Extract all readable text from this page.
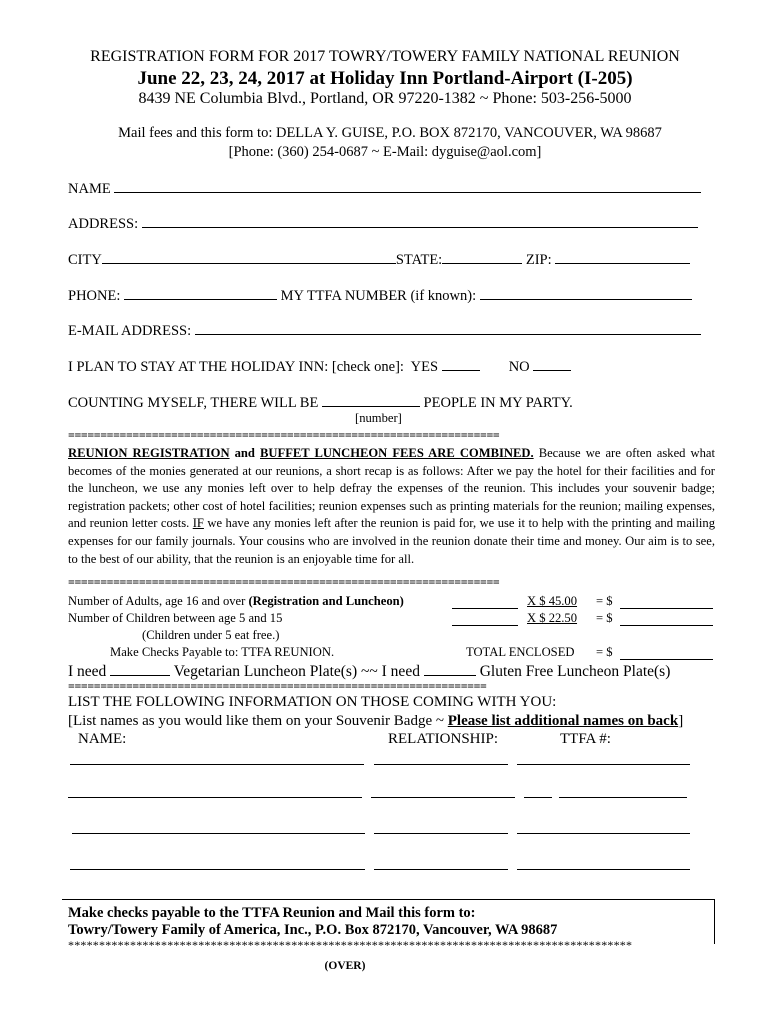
REGISTRATION FORM FOR 2017 TOWRY/TOWERY FAMILY NATIONAL REUNION
June 22, 23, 24, 2017 at Holiday Inn Portland-Airport (I-205)
8439 NE Columbia Blvd., Portland, OR 97220-1382 ~ Phone: 503-256-5000
Mail fees and this form to: DELLA Y. GUISE, P.O. BOX 872170, VANCOUVER, WA 98687
[Phone: (360) 254-0687 ~ E-Mail: dyguise@aol.com]
NAME
ADDRESS:
CITY	STATE:	ZIP:
PHONE:	MY TTFA NUMBER (if known):
E-MAIL ADDRESS:
I PLAN TO STAY AT THE HOLIDAY INN: [check one]: YES	NO
COUNTING MYSELF, THERE WILL BE	PEOPLE IN MY PARTY.
[number]
===================================================================
REUNION REGISTRATION and BUFFET LUNCHEON FEES ARE COMBINED. Because we are often asked what becomes of the monies generated at our reunions, a short recap is as follows: After we pay the hotel for their facilities and for the luncheon, we use any monies left over to help defray the expenses of the reunion. This includes your souvenir badge; registration packets; other cost of hotel facilities; reunion expenses such as printing materials for the reunion; mailing expenses, and reunion letter costs. IF we have any monies left after the reunion is paid for, we use it to help with the printing and mailing expenses for our family journals. Your cousins who are involved in the reunion donate their time and money. Our aim is to see, to the best of our ability, that the reunion is an enjoyable time for all.
===================================================================
Number of Adults, age 16 and over (Registration and Luncheon)	X $ 45.00 = $
Number of Children between age 5 and 15	X $ 22.50 = $
(Children under 5 eat free.)
Make Checks Payable to: TTFA REUNION.	TOTAL ENCLOSED = $
I need	Vegetarian Luncheon Plate(s) ~~ I need	Gluten Free Luncheon Plate(s)
=================================================================
LIST THE FOLLOWING INFORMATION ON THOSE COMING WITH YOU:
[List names as you would like them on your Souvenir Badge ~ Please list additional names on back]
NAME:	RELATIONSHIP:	TTFA #:
Make checks payable to the TTFA Reunion and Mail this form to:
Towry/Towery Family of America, Inc., P.O. Box 872170, Vancouver, WA 98687
*******************************************************************************************
(OVER)
